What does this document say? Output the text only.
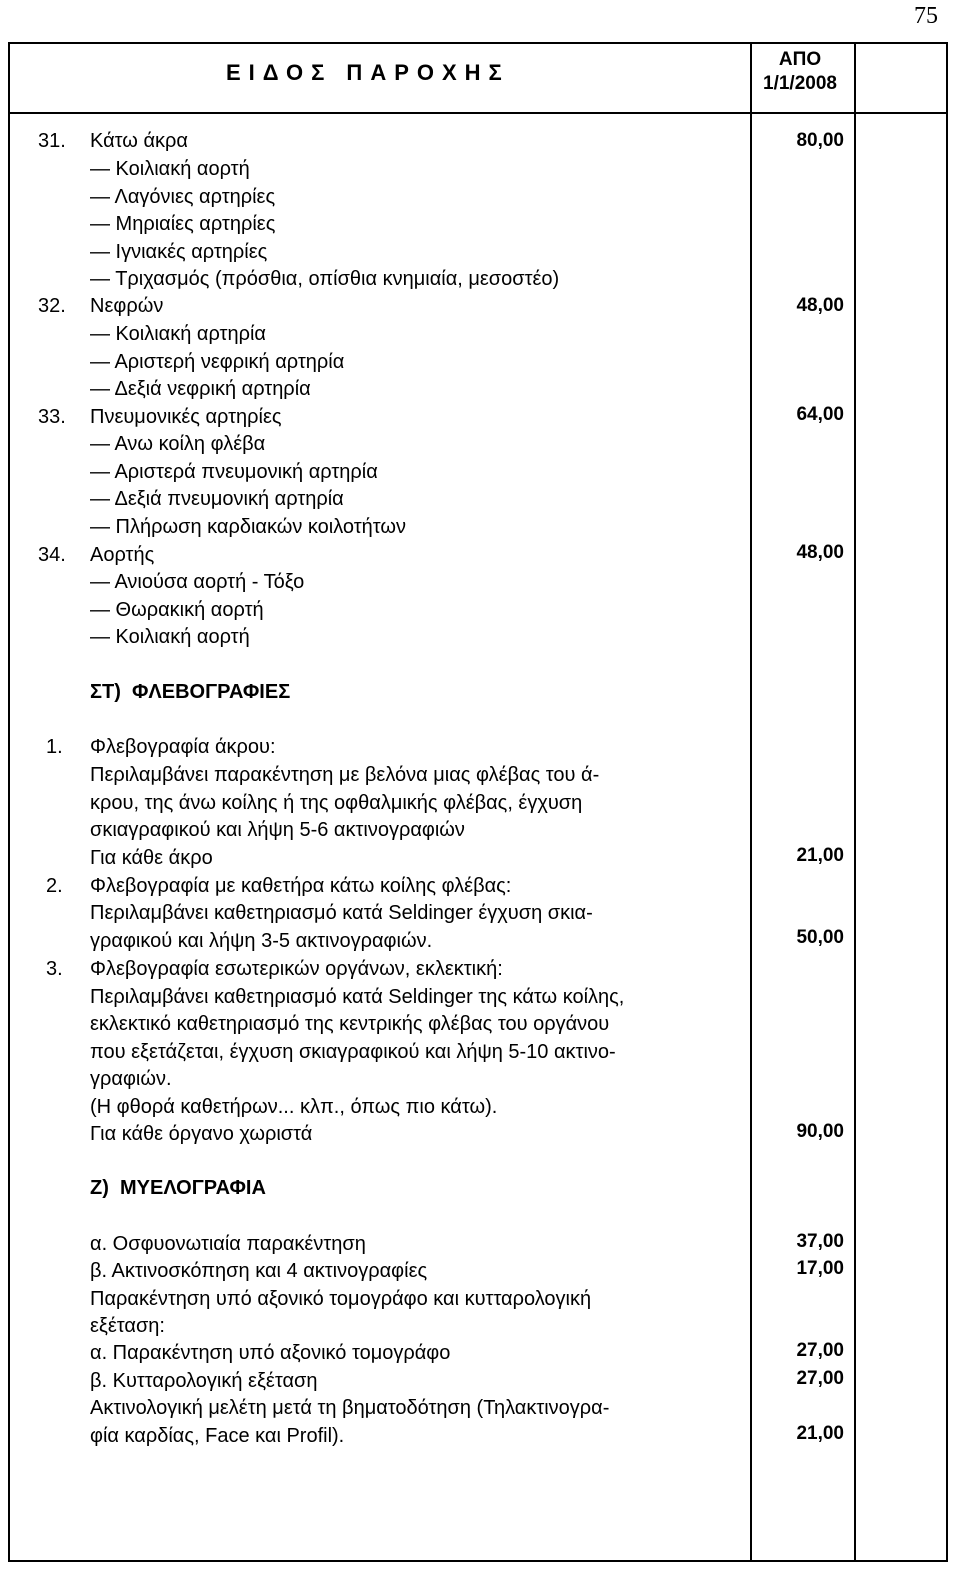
75
ΕΙΔΟΣ ΠΑΡΟΧΗΣ
ΑΠΟ
1/1/2008
31. Κάτω άκρα	80,00
— Κοιλιακή αορτή
— Λαγόνιες αρτηρίες
— Μηριαίες αρτηρίες
— Ιγνιακές αρτηρίες
— Τριχασμός (πρόσθια, οπίσθια κνημιαία, μεσοστέο)
32. Νεφρών	48,00
— Κοιλιακή αρτηρία
— Αριστερή νεφρική αρτηρία
— Δεξιά νεφρική αρτηρία
33. Πνευμονικές αρτηρίες	64,00
— Ανω κοίλη φλέβα
— Αριστερά πνευμονική αρτηρία
— Δεξιά πνευμονική αρτηρία
— Πλήρωση καρδιακών κοιλοτήτων
34. Αορτής	48,00
— Ανιούσα αορτή - Τόξο
— Θωρακική αορτή
— Κοιλιακή αορτή
ΣΤ) ΦΛΕΒΟΓΡΑΦΙΕΣ
1. Φλεβογραφία άκρου:
Περιλαμβάνει παρακέντηση με βελόνα μιας φλέβας του ά-
κρου, της άνω κοίλης ή της οφθαλμικής φλέβας, έγχυση
σκιαγραφικού και λήψη 5-6 ακτινογραφιών
Για κάθε άκρο	21,00
2. Φλεβογραφία με καθετήρα κάτω κοίλης φλέβας:
Περιλαμβάνει καθετηριασμό κατά Seldinger έγχυση σκια-
γραφικού και λήψη 3-5 ακτινογραφιών.	50,00
3. Φλεβογραφία εσωτερικών οργάνων, εκλεκτική:
Περιλαμβάνει καθετηριασμό κατά Seldinger της κάτω κοίλης,
εκλεκτικό καθετηριασμό της κεντρικής φλέβας του οργάνου
που εξετάζεται, έγχυση σκιαγραφικού και λήψη 5-10 ακτινο-
γραφιών.
(Η φθορά καθετήρων... κλπ., όπως πιο κάτω).
Για κάθε όργανο χωριστά	90,00
Ζ) ΜΥΕΛΟΓΡΑΦΙΑ
α. Οσφυονωτιαία παρακέντηση	37,00
β. Ακτινοσκόπηση και 4 ακτινογραφίες	17,00
Παρακέντηση υπό αξονικό τομογράφο και κυτταρολογική
εξέταση:
α. Παρακέντηση υπό αξονικό τομογράφο	27,00
β. Κυτταρολογική εξέταση	27,00
Ακτινολογική μελέτη μετά τη βηματοδότηση (Τηλακτινογρα-
φία καρδίας, Face και Profil).	21,00
